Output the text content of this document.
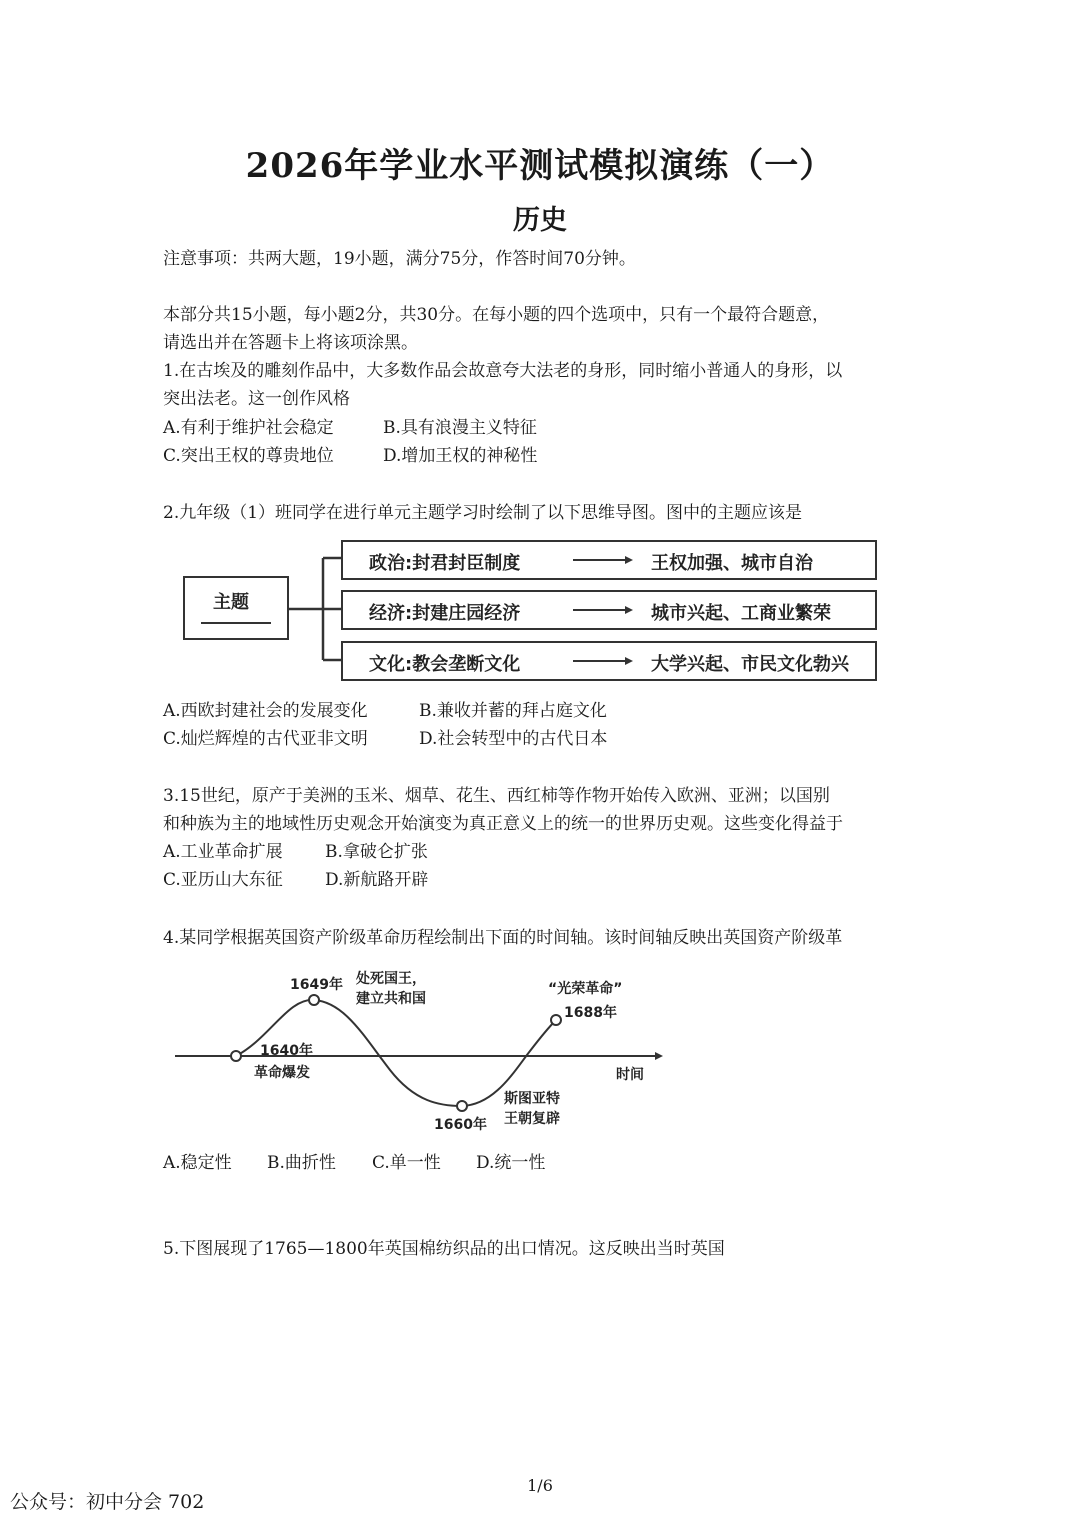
2026年学业水平测试模拟演练（一）
历史
注意事项：共两大题，19小题，满分75分，作答时间70分钟。
本部分共15小题，每小题2分，共30分。在每小题的四个选项中，只有一个最符合题意，
请选出并在答题卡上将该项涂黑。
1.在古埃及的雕刻作品中，大多数作品会故意夸大法老的身形，同时缩小普通人的身形，以
突出法老。这一创作风格
A.有利于维护社会稳定	B.具有浪漫主义特征
C.突出王权的尊贵地位	D.增加王权的神秘性
2.九年级（1）班同学在进行单元主题学习时绘制了以下思维导图。图中的主题应该是
主题
政治:封君封臣制度	王权加强、城市自治
经济:封建庄园经济	城市兴起、工商业繁荣
文化:教会垄断文化	大学兴起、市民文化勃兴
A.西欧封建社会的发展变化	B.兼收并蓄的拜占庭文化
C.灿烂辉煌的古代亚非文明	D.社会转型中的古代日本
3.15世纪，原产于美洲的玉米、烟草、花生、西红柿等作物开始传入欧洲、亚洲；以国别
和种族为主的地域性历史观念开始演变为真正意义上的统一的世界历史观。这些变化得益于
A.工业革命扩展 B.拿破仑扩张
C.亚历山大东征 D.新航路开辟
4.某同学根据英国资产阶级革命历程绘制出下面的时间轴。该时间轴反映出英国资产阶级革
1649年 处死国王，
建立共和国
1640年
革命爆发
1660年
斯图亚特
王朝复辟
“光荣革命”
1688年
时间
A.稳定性 B.曲折性 C.单一性 D.统一性
5.下图展现了1765—1800年英国棉纺织品的出口情况。这反映出当时英国
1/6
公众号：初中分会 702
